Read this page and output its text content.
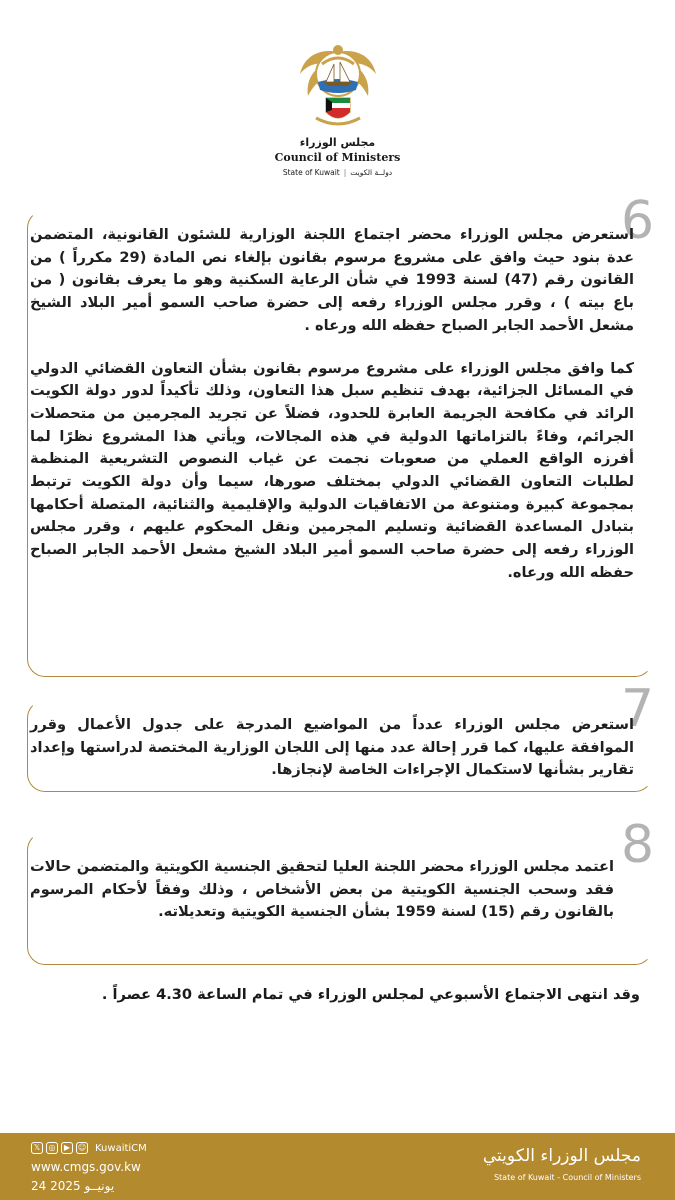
مجلس الوزراء
Council of Ministers
State of Kuwait | دولــة الكويت
6

استعرض مجلس الوزراء محضر اجتماع اللجنة الوزارية للشئون القانونية، المتضمن عدة بنود حيث وافق على مشروع مرسوم بقانون بإلغاء نص المادة (29 مكرراً ) من القانون رقم (47) لسنة 1993 في شأن الرعاية السكنية وهو ما يعرف بقانون ( من باع بيته ) ، وقرر مجلس الوزراء رفعه إلى حضرة صاحب السمو أمير البلاد الشيخ مشعل الأحمد الجابر الصباح حفظه الله ورعاه .

كما وافق مجلس الوزراء على مشروع مرسوم بقانون بشأن التعاون القضائي الدولي في المسائل الجزائية، بهدف تنظيم سبل هذا التعاون، وذلك تأكيداً لدور دولة الكويت الرائد في مكافحة الجريمة العابرة للحدود، فضلاً عن تجريد المجرمين من متحصلات الجرائم، وفاءً بالتزاماتها الدولية في هذه المجالات، ويأتي هذا المشروع نظرًا لما أفرزه الواقع العملي من صعوبات نجمت عن غياب النصوص التشريعية المنظمة لطلبات التعاون القضائي الدولي بمختلف صورها، سيما وأن دولة الكويت ترتبط بمجموعة كبيرة ومتنوعة من الاتفاقيات الدولية والإقليمية والثنائية، المتصلة أحكامها بتبادل المساعدة القضائية وتسليم المجرمين ونقل المحكوم عليهم ، وقرر مجلس الوزراء رفعه إلى حضرة صاحب السمو أمير البلاد الشيخ مشعل الأحمد الجابر الصباح حفظه الله ورعاه.

7

استعرض مجلس الوزراء عدداً من المواضيع المدرجة على جدول الأعمال وقرر الموافقة عليها، كما قرر إحالة عدد منها إلى اللجان الوزارية المختصة لدراستها وإعداد تقارير بشأنها لاستكمال الإجراءات الخاصة لإنجازها.

8

اعتمد مجلس الوزراء محضر اللجنة العليا لتحقيق الجنسية الكويتية والمتضمن حالات فقد وسحب الجنسية الكويتية من بعض الأشخاص ، وذلك وفقاً لأحكام المرسوم بالقانون رقم (15) لسنة 1959 بشأن الجنسية الكويتية وتعديلاته.

وقد انتهى الاجتماع الأسبوعي لمجلس الوزراء في تمام الساعة 4.30 عصراً .
𝕏	◎	▶ ☺ KuwaitiCM
www.cmgs.gov.kw
24 يونيــو 2025
مجلس الوزراء الكويتي
State of Kuwait - Council of Ministers
